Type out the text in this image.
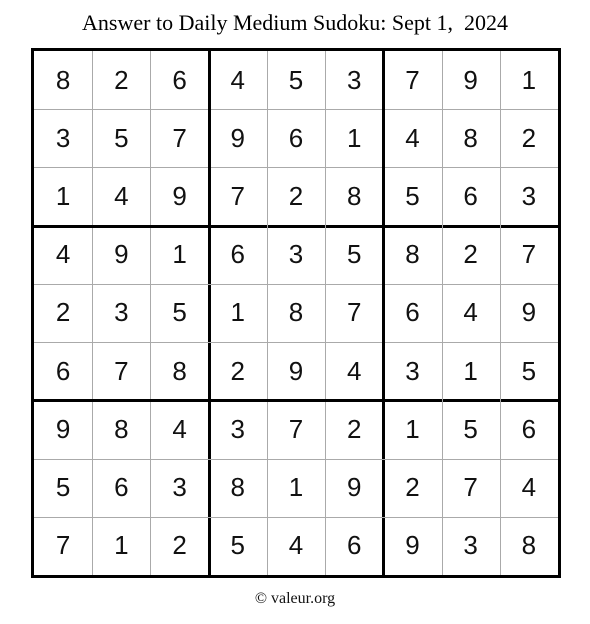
Answer to Daily Medium Sudoku: Sept 1,  2024
8	2	6	4	5	3	7	9	1
3	5	7	9	6	1	4	8	2
1	4	9	7	2	8	5	6	3
4	9	1	6	3	5	8	2	7
2	3	5	1	8	7	6	4	9
6	7	8	2	9	4	3	1	5
9	8	4	3	7	2	1	5	6
5	6	3	8	1	9	2	7	4
7	1	2	5	4	6	9	3	8
© valeur.org
